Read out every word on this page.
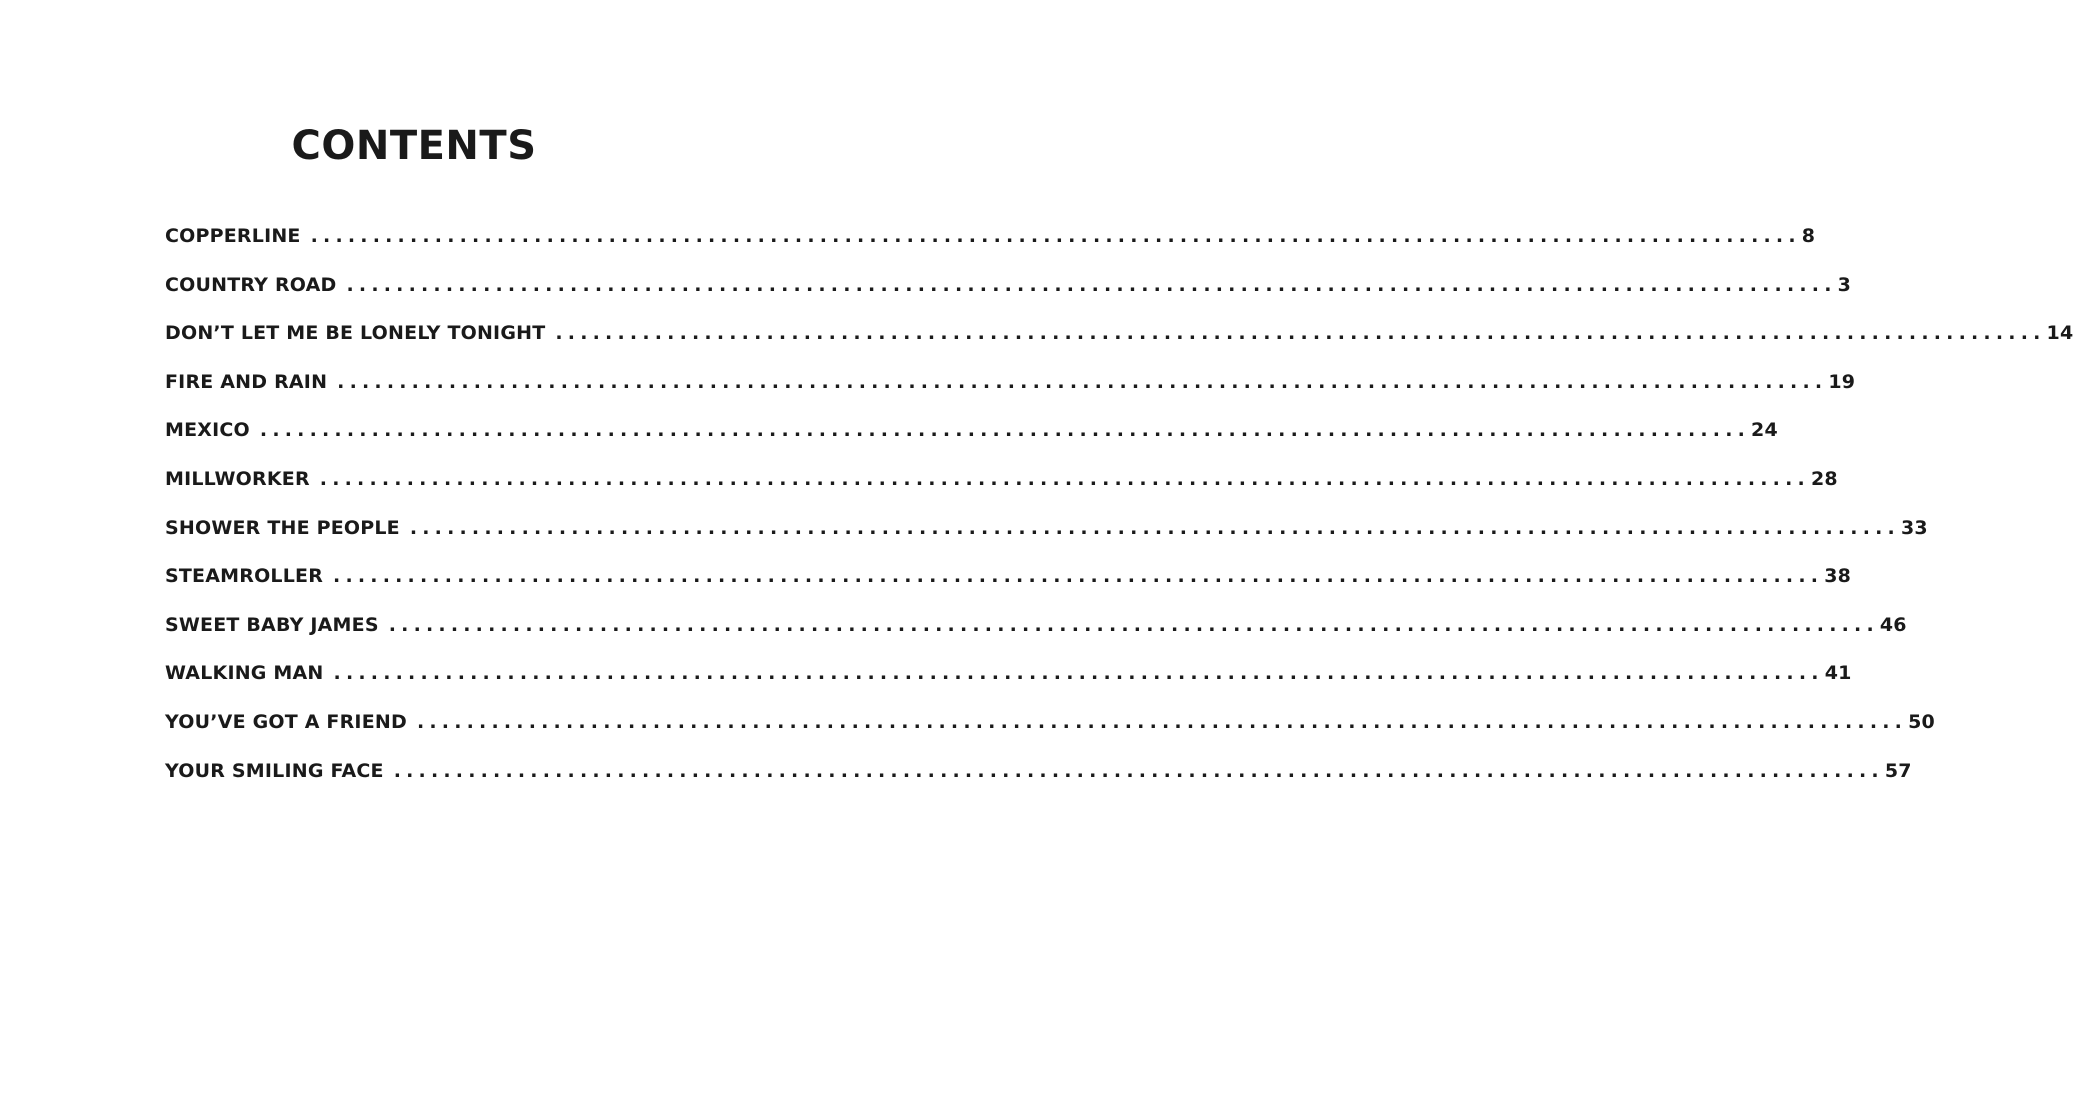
CONTENTS
COPPERLINE ........................................................................................................................ 8
COUNTRY ROAD ........................................................................................................................ 3
DON’T LET ME BE LONELY TONIGHT ........................................................................................................................ 14
FIRE AND RAIN ........................................................................................................................ 19
MEXICO ........................................................................................................................ 24
MILLWORKER ........................................................................................................................ 28
SHOWER THE PEOPLE ........................................................................................................................ 33
STEAMROLLER ........................................................................................................................ 38
SWEET BABY JAMES ........................................................................................................................ 46
WALKING MAN ........................................................................................................................ 41
YOU’VE GOT A FRIEND ........................................................................................................................ 50
YOUR SMILING FACE ........................................................................................................................ 57
